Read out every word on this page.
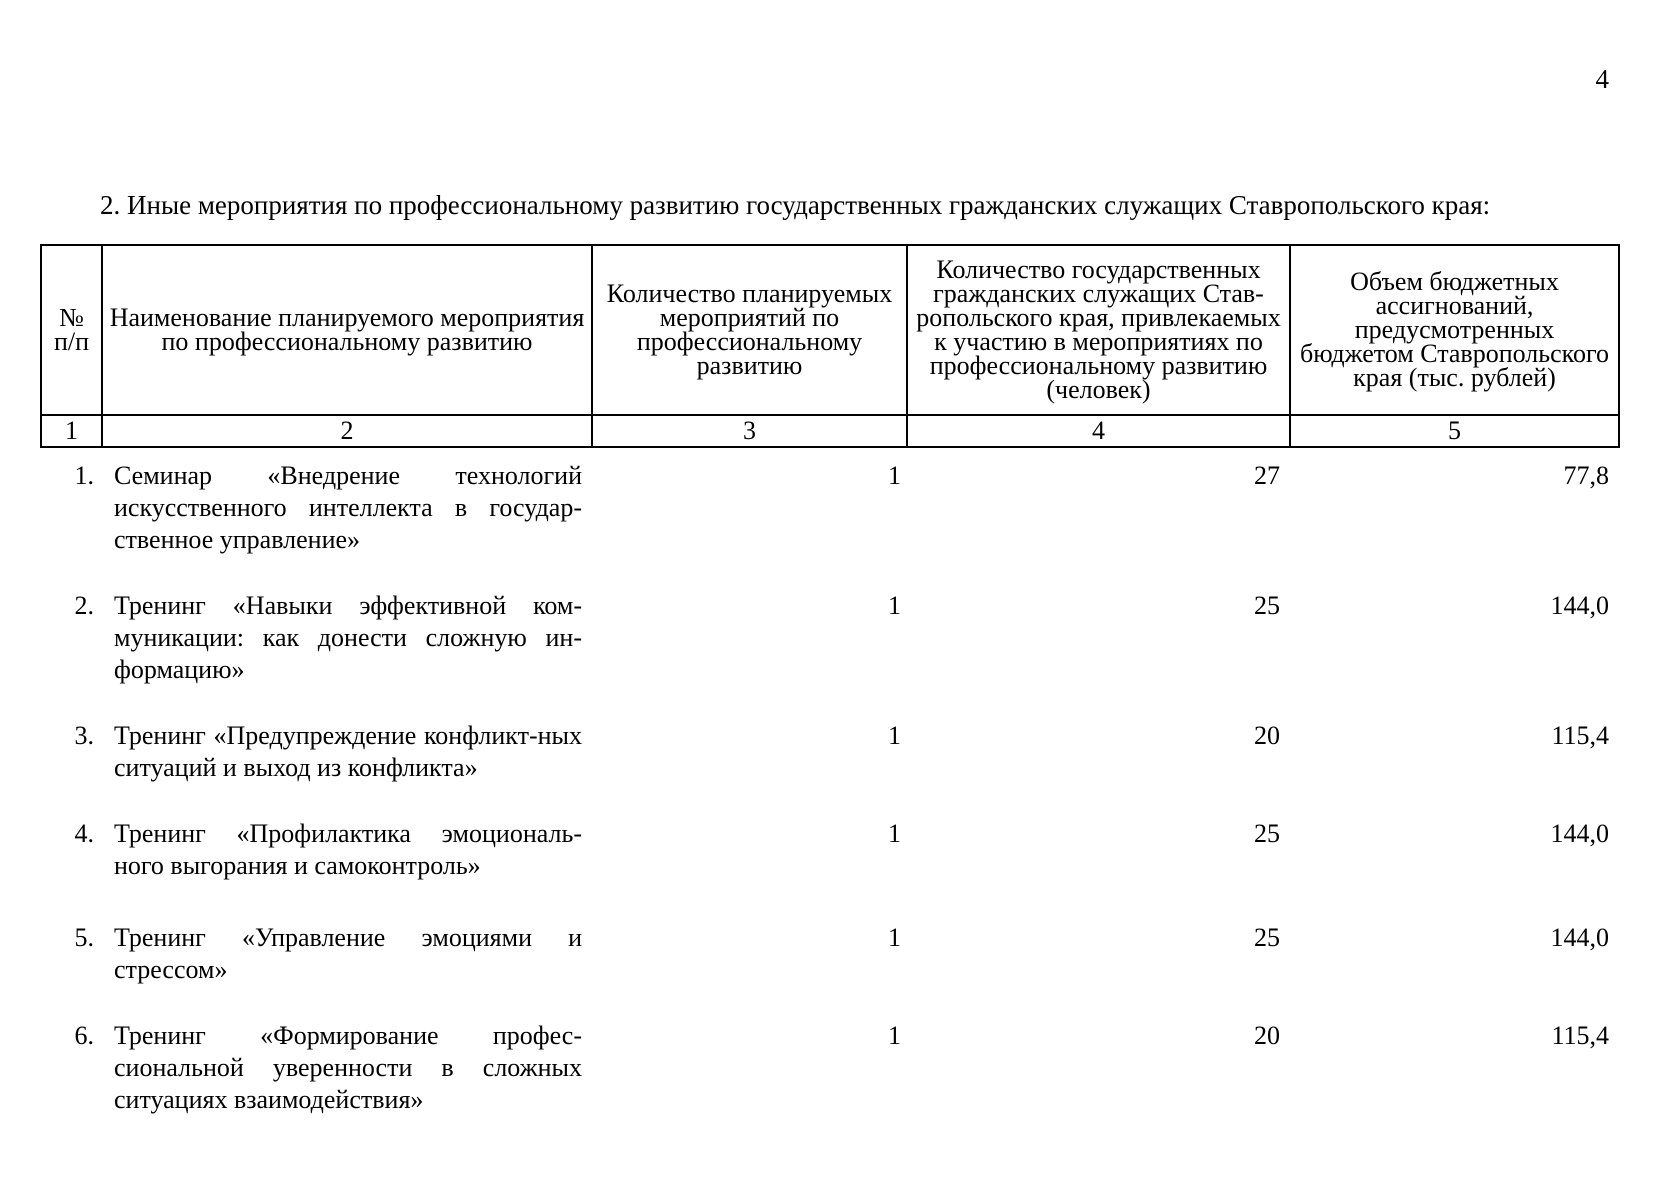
4
2. Иные мероприятия по профессиональному развитию государственных гражданских служащих Ставропольского края:
№ п/п	Наименование планируемого мероприятия по профессиональному развитию	Количество планируемых мероприятий по профессиональному развитию	Количество государственных гражданских служащих Став-ропольского края, привлекаемых к участию в мероприятиях по профессиональному развитию (человек)	Объем бюджетных ассигнований, предусмотренных бюджетом Ставропольского края (тыс. рублей)
1	2	3	4	5
1.	Семинар «Внедрение технологий искусственного интеллекта в государ-ственное управление»	1	27	77,8
2.	Тренинг «Навыки эффективной ком-муникации: как донести сложную ин-формацию»	1	25	144,0
3.	Тренинг «Предупреждение конфликт-ных ситуаций и выход из конфликта»	1	20	115,4
4.	Тренинг «Профилактика эмоциональ-ного выгорания и самоконтроль»	1	25	144,0
5.	Тренинг «Управление эмоциями и стрессом»	1	25	144,0
6.	Тренинг «Формирование профес-сиональной уверенности в сложных ситуациях взаимодействия»	1	20	115,4
